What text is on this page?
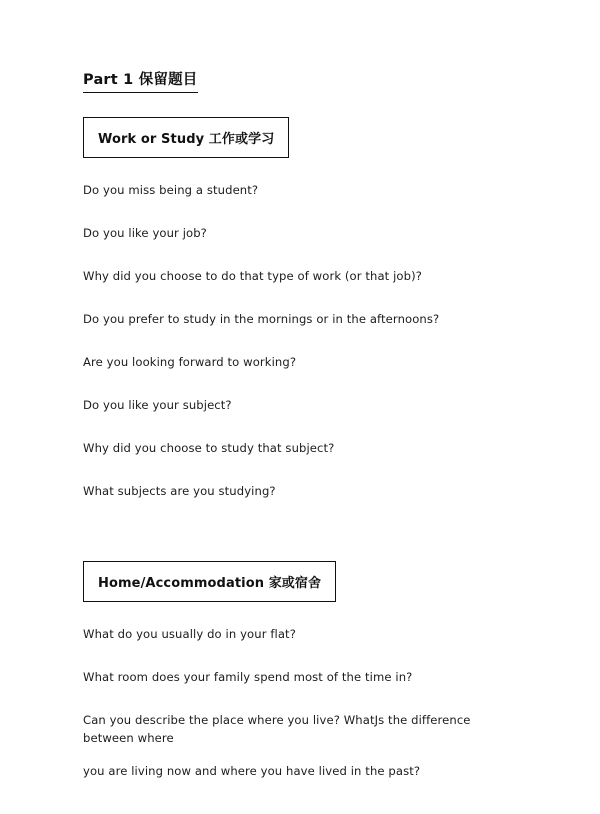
Part 1 保留题目
Work or Study 工作或学习

Do you miss being a student?

Do you like your job?

Why did you choose to do that type of work (or that job)?

Do you prefer to study in the mornings or in the afternoons?

Are you looking forward to working?

Do you like your subject?

Why did you choose to study that subject?

What subjects are you studying?

Home/Accommodation 家或宿舍

What do you usually do in your flat?

What room does your family spend most of the time in?

Can you describe the place where you live? WhatJs the difference between where
you are living now and where you have lived in the past?
